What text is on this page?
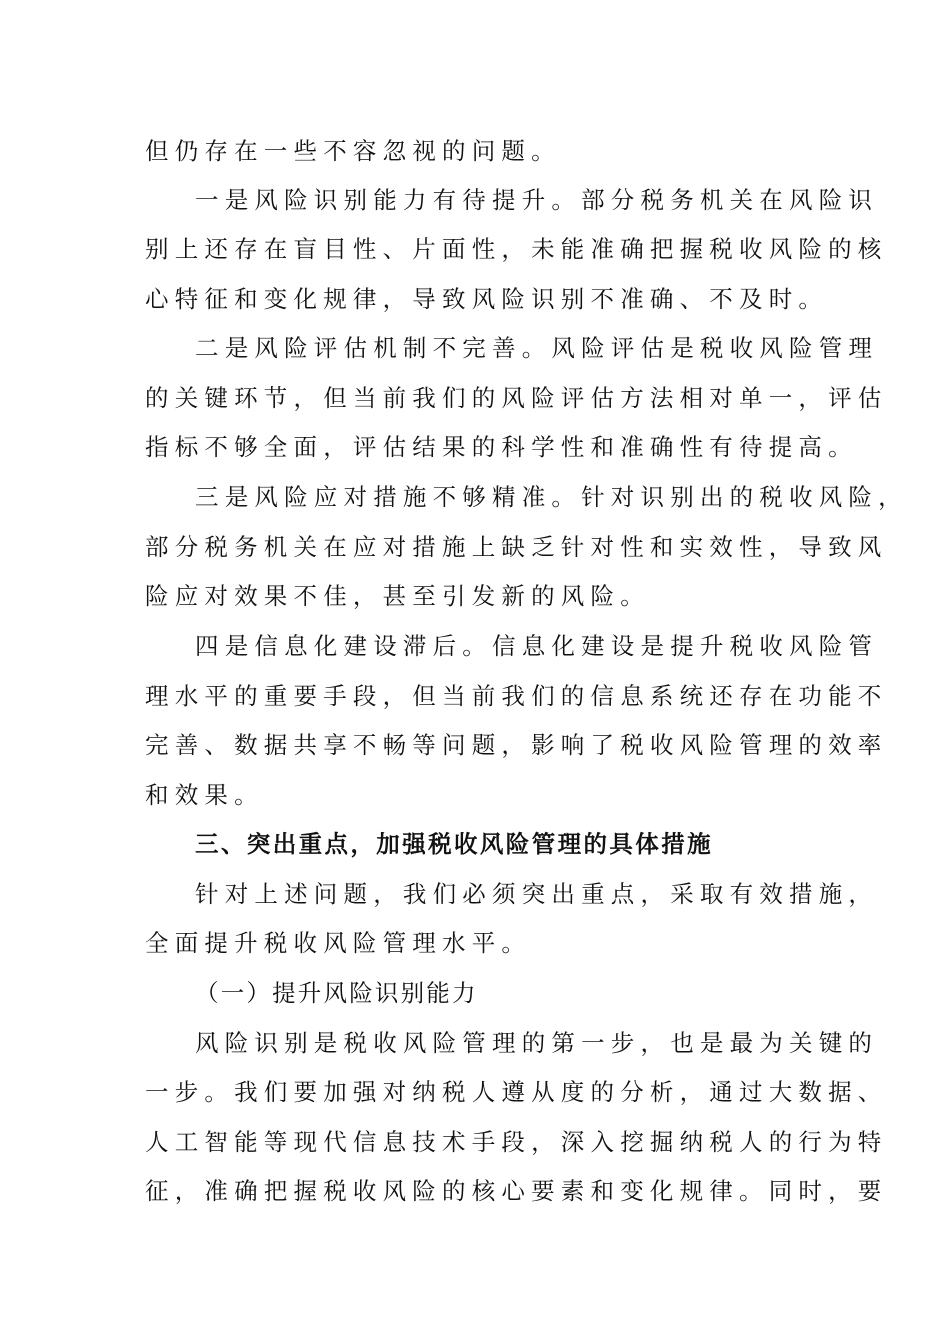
但仍存在一些不容忽视的问题。
一是风险识别能力有待提升。部分税务机关在风险识
别上还存在盲目性、片面性，未能准确把握税收风险的核
心特征和变化规律，导致风险识别不准确、不及时。
二是风险评估机制不完善。风险评估是税收风险管理
的关键环节，但当前我们的风险评估方法相对单一，评估
指标不够全面，评估结果的科学性和准确性有待提高。
三是风险应对措施不够精准。针对识别出的税收风险，
部分税务机关在应对措施上缺乏针对性和实效性，导致风
险应对效果不佳，甚至引发新的风险。
四是信息化建设滞后。信息化建设是提升税收风险管
理水平的重要手段，但当前我们的信息系统还存在功能不
完善、数据共享不畅等问题，影响了税收风险管理的效率
和效果。
三、突出重点，加强税收风险管理的具体措施
针对上述问题，我们必须突出重点，采取有效措施，
全面提升税收风险管理水平。
（一）提升风险识别能力
风险识别是税收风险管理的第一步，也是最为关键的
一步。我们要加强对纳税人遵从度的分析，通过大数据、
人工智能等现代信息技术手段，深入挖掘纳税人的行为特
征，准确把握税收风险的核心要素和变化规律。同时，要
